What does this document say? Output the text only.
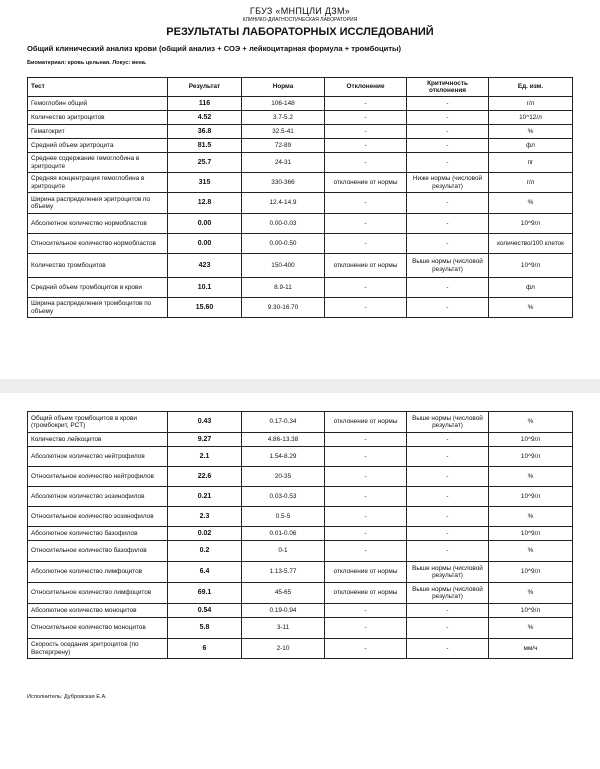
ГБУЗ «МНПЦЛИ ДЗМ»
КЛИНИКО-ДИАГНОСТИЧЕСКАЯ ЛАБОРАТОРИЯ
РЕЗУЛЬТАТЫ ЛАБОРАТОРНЫХ ИССЛЕДОВАНИЙ
Общий клинический анализ крови (общий анализ + СОЭ + лейкоцитарная формула + тромбоциты)
Биоматериал: кровь цельная. Локус: вена.
Тест	Результат	Норма	Отклонение	Критичность отклонения	Ед. изм.
Гемоглобин общий	116	106-148	-	-	г/л
Количество эритроцитов	4.52	3.7-5.2	-	-	10^12/л
Гематокрит	36.8	32.5-41	-	-	%
Средний объем эритроцита	81.5	72-89	-	-	фл
Среднее содержание гемоглобина в эритроците	25.7	24-31	-	-	пг
Средняя концентрация гемоглобина в эритроците	315	330-366	отклонение от нормы	Ниже нормы (числовой результат)	г/л
Ширина распределения эритроцитов по объему	12.8	12.4-14.9	-	-	%
Абсолютное количество нормобластов	0.00	0.00-0.03	-	-	10^9/л
Относительное количество нормобластов	0.00	0.00-0.50	-	-	количество/100 клеток
Количество тромбоцитов	423	150-400	отклонение от нормы	Выше нормы (числовой результат)	10^9/л
Средний объем тромбоцитов в крови	10.1	8.9-11	-	-	фл
Ширина распределения тромбоцитов по объему	15.60	9.30-16.70	-	-	%
Общий объем тромбоцитов в крови (тромбокрит, PCT)	0.43	0.17-0.34	отклонение от нормы	Выше нормы (числовой результат)	%
Количество лейкоцитов	9.27	4.86-13.38	-	-	10^9/л
Абсолютное количество нейтрофилов	2.1	1.54-8.29	-	-	10^9/л
Относительное количество нейтрофилов	22.6	20-35	-	-	%
Абсолютное количество эозинофилов	0.21	0.03-0.53	-	-	10^9/л
Относительное количество эозинофилов	2.3	0.5-5	-	-	%
Абсолютное количество базофилов	0.02	0.01-0.06	-	-	10^9/л
Относительное количество базофилов	0.2	0-1	-	-	%
Абсолютное количество лимфоцитов	6.4	1.13-5.77	отклонение от нормы	Выше нормы (числовой результат)	10^9/л
Относительное количество лимфоцитов	69.1	45-65	отклонение от нормы	Выше нормы (числовой результат)	%
Абсолютное количество моноцитов	0.54	0.19-0.94	-	-	10^9/л
Относительное количество моноцитов	5.8	3-11	-	-	%
Скорость оседания эритроцитов (по Вестергрену)	6	2-10	-	-	мм/ч
Исполнитель: Дубровская Е.А.
